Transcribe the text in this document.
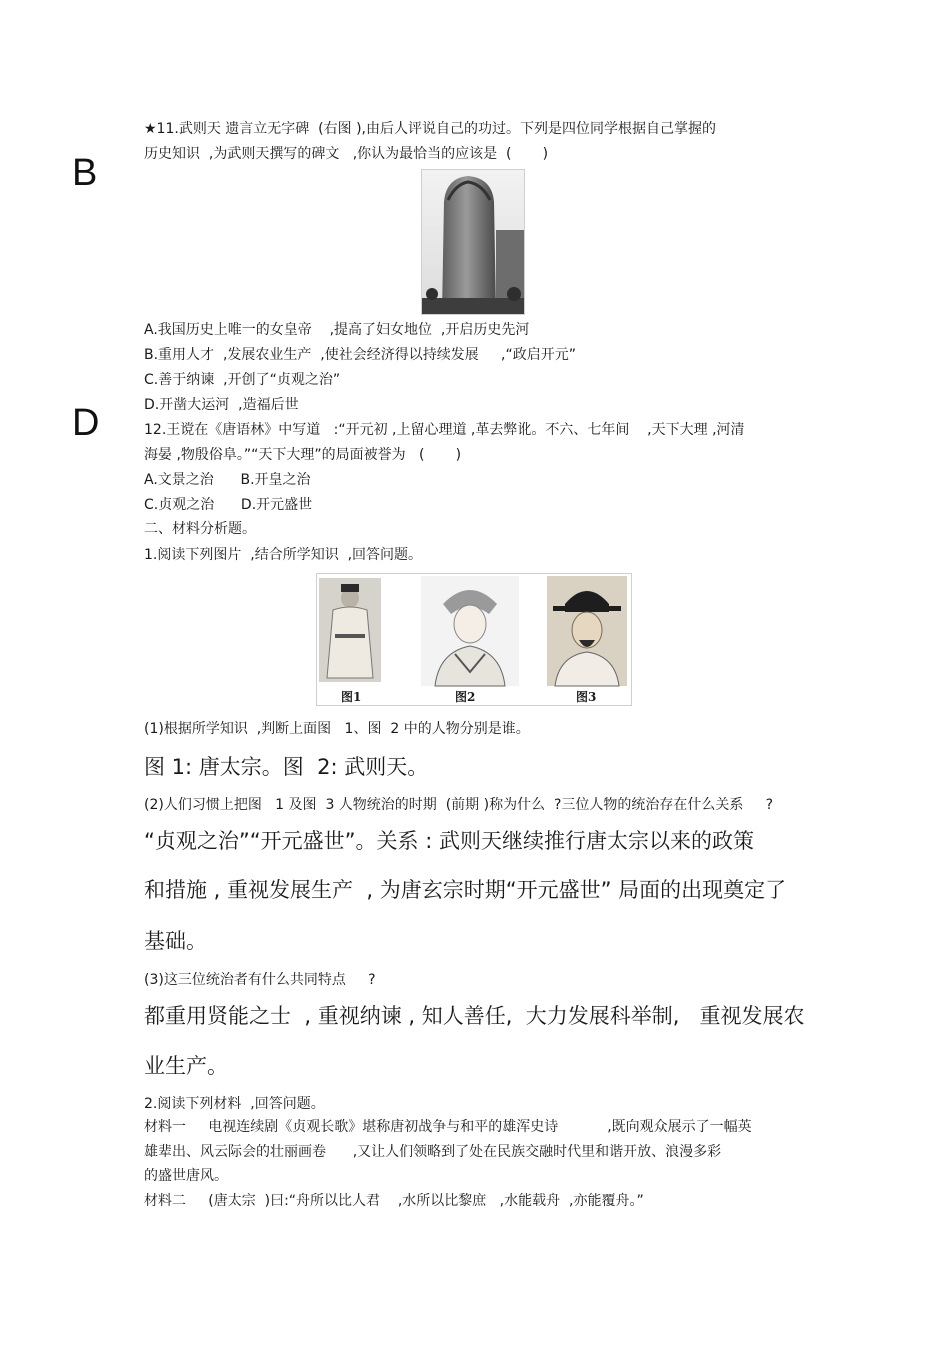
B
D
★11.武则天 遗言立无字碑  (右图 ),由后人评说自己的功过。下列是四位同学根据自己掌握的
历史知识  ,为武则天撰写的碑文   ,你认为最恰当的应该是  (       )
A.我国历史上唯一的女皇帝    ,提高了妇女地位  ,开启历史先河
B.重用人才  ,发展农业生产  ,使社会经济得以持续发展     ,“政启开元”
C.善于纳谏  ,开创了“贞观之治”
D.开凿大运河  ,造福后世
12.王谠在《唐语林》中写道   :“开元初 ,上留心理道 ,革去弊讹。不六、七年间    ,天下大理 ,河清
海晏 ,物殷俗阜。”“天下大理”的局面被誉为   (       )
A.文景之治      B.开皇之治
C.贞观之治      D.开元盛世
二、材料分析题。
1.阅读下列图片  ,结合所学知识  ,回答问题。
图1	图2	图3
(1)根据所学知识  ,判断上面图   1、图  2 中的人物分别是谁。
图 1: 唐太宗。图  2: 武则天。
(2)人们习惯上把图   1 及图  3 人物统治的时期  (前期 )称为什么  ?三位人物的统治存在什么关系     ?
“贞观之治”“开元盛世”。关系 : 武则天继续推行唐太宗以来的政策
和措施 , 重视发展生产  , 为唐玄宗时期“开元盛世” 局面的出现奠定了
基础。
(3)这三位统治者有什么共同特点     ?
都重用贤能之士  , 重视纳谏 , 知人善任,  大力发展科举制,   重视发展农
业生产。
2.阅读下列材料  ,回答问题。
材料一     电视连续剧《贞观长歌》堪称唐初战争与和平的雄浑史诗           ,既向观众展示了一幅英
雄辈出、风云际会的壮丽画卷      ,又让人们领略到了处在民族交融时代里和谐开放、浪漫多彩
的盛世唐风。
材料二     (唐太宗  )曰:“舟所以比人君    ,水所以比黎庶   ,水能载舟  ,亦能覆舟。”
